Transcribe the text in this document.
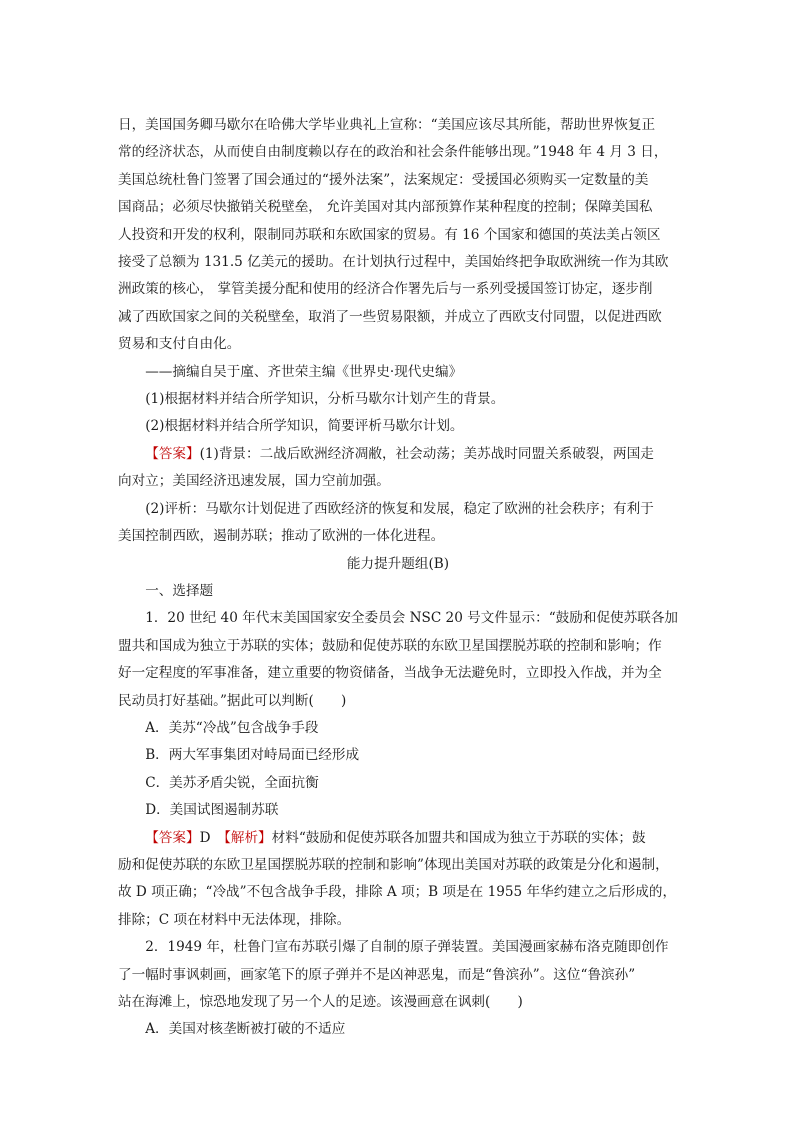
日，美国国务卿马歇尔在哈佛大学毕业典礼上宣称：“美国应该尽其所能，帮助世界恢复正

常的经济状态，从而使自由制度赖以存在的政治和社会条件能够出现。”1948 年 4 月 3 日，

美国总统杜鲁门签署了国会通过的“援外法案”，法案规定：受援国必须购买一定数量的美

国商品；必须尽快撤销关税壁垒， 允许美国对其内部预算作某种程度的控制；保障美国私

人投资和开发的权利，限制同苏联和东欧国家的贸易。有 16 个国家和德国的英法美占领区

接受了总额为 131.5 亿美元的援助。在计划执行过程中，美国始终把争取欧洲统一作为其欧

洲政策的核心， 掌管美援分配和使用的经济合作署先后与一系列受援国签订协定，逐步削

减了西欧国家之间的关税壁垒，取消了一些贸易限额，并成立了西欧支付同盟，以促进西欧

贸易和支付自由化。

——摘编自吴于廑、齐世荣主编《世界史·现代史编》

(1)根据材料并结合所学知识，分析马歇尔计划产生的背景。

(2)根据材料并结合所学知识，简要评析马歇尔计划。

【答案】(1)背景：二战后欧洲经济凋敝，社会动荡；美苏战时同盟关系破裂，两国走

向对立；美国经济迅速发展，国力空前加强。

(2)评析：马歇尔计划促进了西欧经济的恢复和发展，稳定了欧洲的社会秩序；有利于

美国控制西欧，遏制苏联；推动了欧洲的一体化进程。

能力提升题组(B)

一、选择题

1．20 世纪 40 年代末美国国家安全委员会 NSC 20 号文件显示：“鼓励和促使苏联各加

盟共和国成为独立于苏联的实体；鼓励和促使苏联的东欧卫星国摆脱苏联的控制和影响；作

好一定程度的军事准备，建立重要的物资储备，当战争无法避免时，立即投入作战，并为全

民动员打好基础。”据此可以判断(　　)

A．美苏“冷战”包含战争手段

B．两大军事集团对峙局面已经形成

C．美苏矛盾尖锐，全面抗衡

D．美国试图遏制苏联

【答案】D　【解析】材料“鼓励和促使苏联各加盟共和国成为独立于苏联的实体；鼓

励和促使苏联的东欧卫星国摆脱苏联的控制和影响”体现出美国对苏联的政策是分化和遏制，

故 D 项正确；“冷战”不包含战争手段，排除 A 项；B 项是在 1955 年华约建立之后形成的，

排除；C 项在材料中无法体现，排除。

2．1949 年，杜鲁门宣布苏联引爆了自制的原子弹装置。美国漫画家赫布洛克随即创作

了一幅时事讽刺画，画家笔下的原子弹并不是凶神恶鬼，而是“鲁滨孙”。这位“鲁滨孙”

站在海滩上，惊恐地发现了另一个人的足迹。该漫画意在讽刺(　　)

A．美国对核垄断被打破的不适应
